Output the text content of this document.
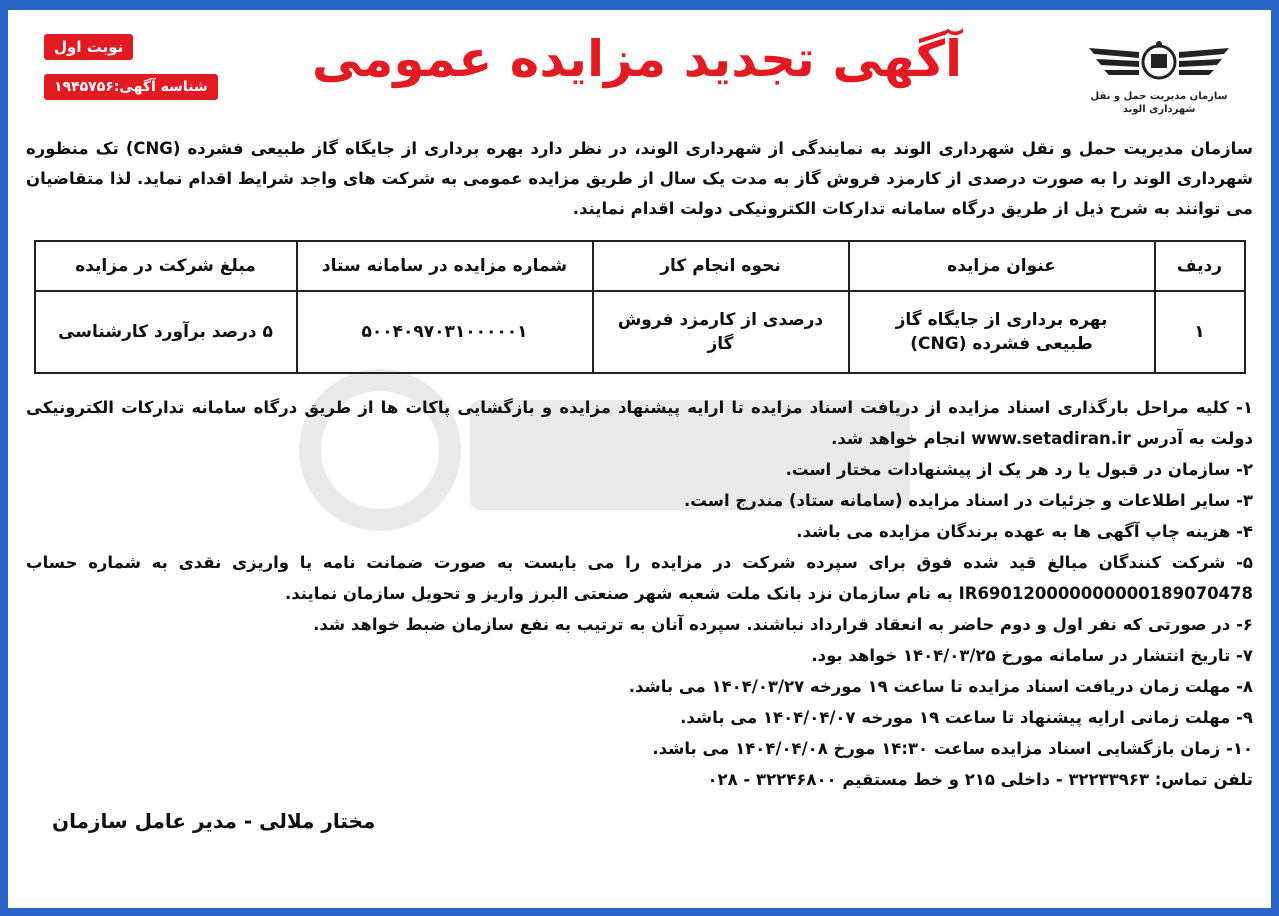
سازمان مدیریت حمل و نقل
شهرداری الوند
آگهی تجدید مزایده عمومی
نوبت اول
شناسه آگهی:۱۹۴۵۷۵۶

سازمان مدیریت حمل و نقل شهرداری الوند به نمایندگی از شهرداری الوند، در نظر دارد بهره برداری از جایگاه گاز طبیعی فشرده (CNG) تک منظوره شهرداری الوند را به صورت درصدی از کارمزد فروش گاز به مدت یک سال از طریق مزایده عمومی به شرکت های واجد شرایط اقدام نماید. لذا متقاضیان می توانند به شرح ذیل از طریق درگاه سامانه تدارکات الکترونیکی دولت اقدام نمایند.

ردیف	عنوان مزایده	نحوه انجام کار	شماره مزایده در سامانه ستاد	مبلغ شرکت در مزایده
۱	بهره برداری از جایگاه گاز طبیعی فشرده (CNG)	درصدی از کارمزد فروش گاز	۵۰۰۴۰۹۷۰۳۱۰۰۰۰۰۱	۵ درصد برآورد کارشناسی
۱- کلیه مراحل بارگذاری اسناد مزایده از دریافت اسناد مزایده تا ارایه پیشنهاد مزایده و بازگشایی پاکات ها از طریق درگاه سامانه تدارکات الکترونیکی دولت به آدرس www.setadiran.ir انجام خواهد شد.
۲- سازمان در قبول یا رد هر یک از پیشنهادات مختار است.
۳- سایر اطلاعات و جزئیات در اسناد مزایده (سامانه ستاد) مندرج است.
۴- هزینه چاپ آگهی ها به عهده برندگان مزایده می باشد.
۵- شرکت کنندگان مبالغ قید شده فوق برای سپرده شرکت در مزایده را می بایست به صورت ضمانت نامه یا واریزی نقدی به شماره حساب IR690120000000000189070478 به نام سازمان نزد بانک ملت شعبه شهر صنعتی البرز واریز و تحویل سازمان نمایند.
۶- در صورتی که نفر اول و دوم حاضر به انعقاد قرارداد نباشند. سپرده آنان به ترتیب به نفع سازمان ضبط خواهد شد.
۷- تاریخ انتشار در سامانه مورخ ۱۴۰۴/۰۳/۲۵ خواهد بود.
۸- مهلت زمان دریافت اسناد مزایده تا ساعت ۱۹ مورخه ۱۴۰۴/۰۳/۲۷ می باشد.
۹- مهلت زمانی ارایه پیشنهاد تا ساعت ۱۹ مورخه ۱۴۰۴/۰۴/۰۷ می باشد.
۱۰- زمان بازگشایی اسناد مزایده ساعت ۱۴:۳۰ مورخ ۱۴۰۴/۰۴/۰۸ می باشد.
تلفن تماس: ۳۲۲۳۳۹۶۳ - داخلی ۲۱۵ و خط مستقیم ۳۲۲۴۶۸۰۰ - ۰۲۸
مختار ملالی - مدیر عامل سازمان
